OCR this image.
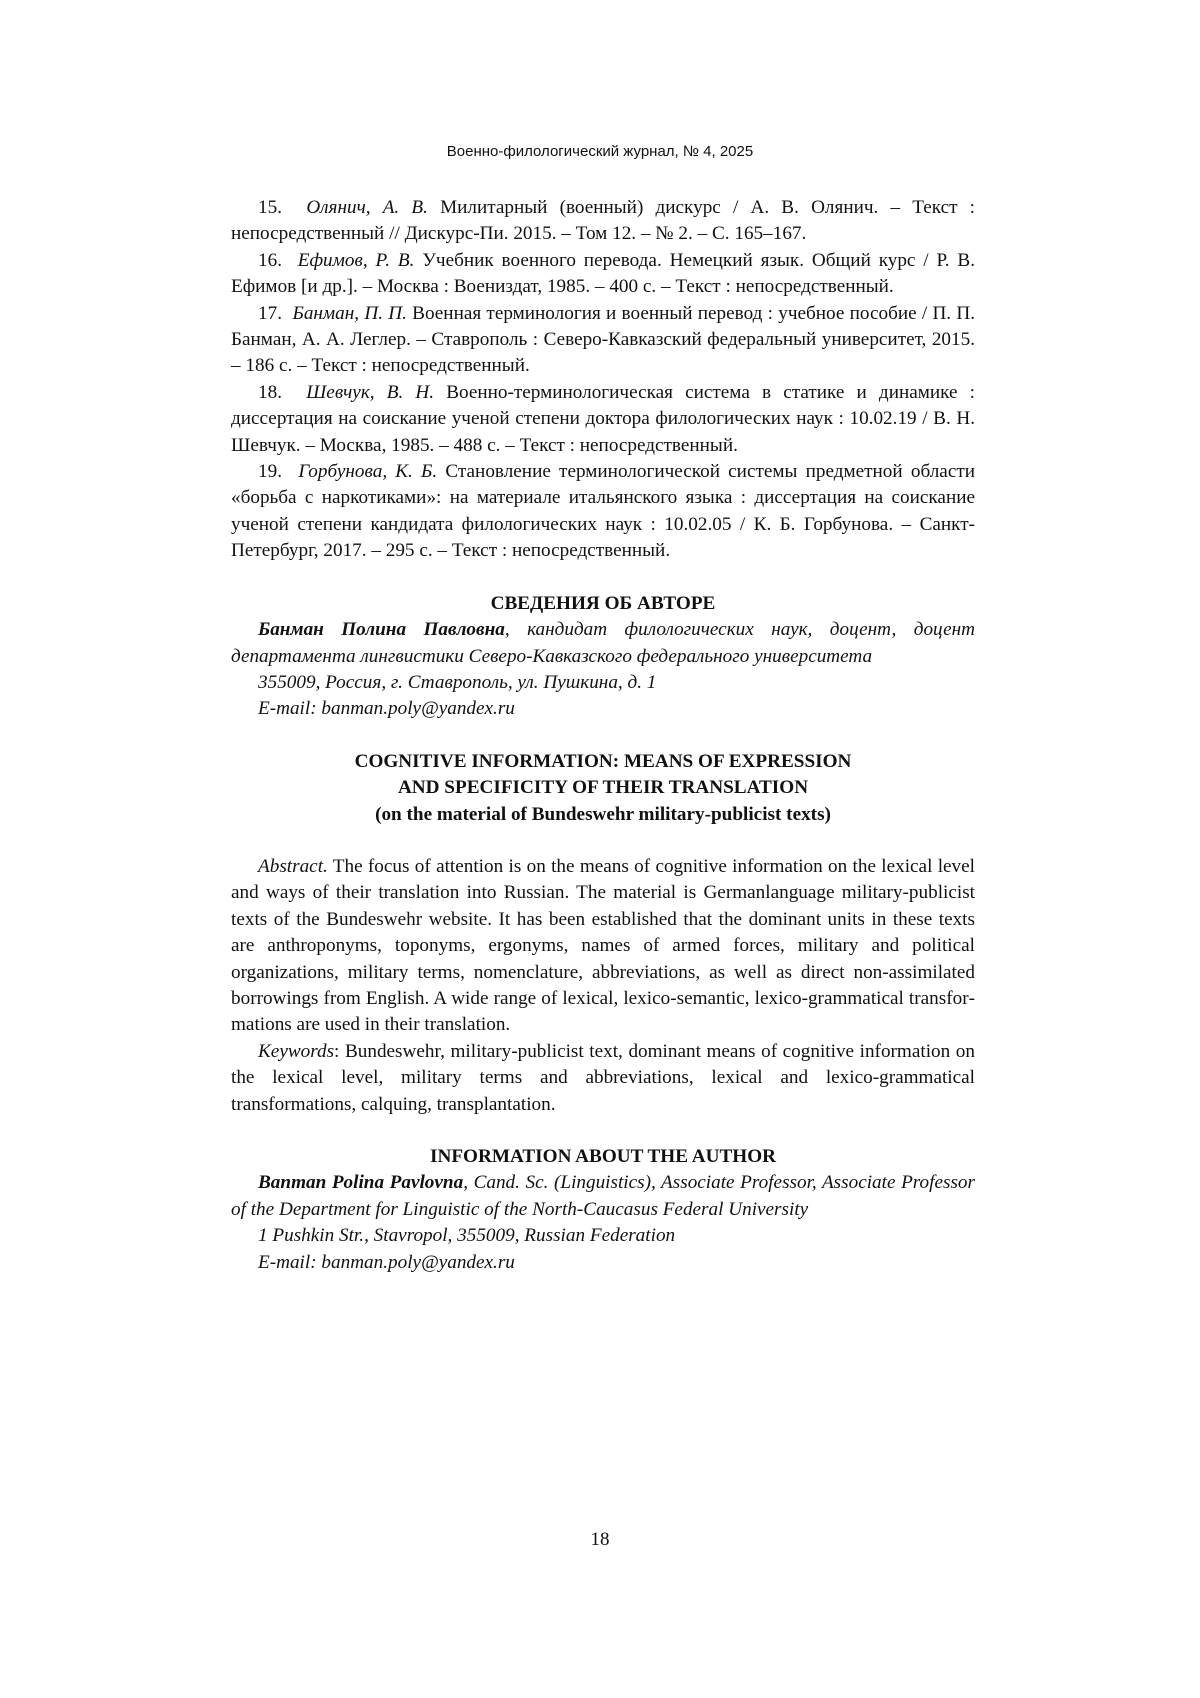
Военно-филологический журнал, № 4, 2025

15. Олянич, А. В. Милитарный (военный) дискурс / А. В. Олянич. – Текст : непосредственный // Дискурс-Пи. 2015. – Том 12. – № 2. – С. 165–167.

16. Ефимов, Р. В. Учебник военного перевода. Немецкий язык. Общий курс / Р. В. Ефимов [и др.]. – Москва : Воениздат, 1985. – 400 с. – Текст : непосредственный.

17. Банман, П. П. Военная терминология и военный перевод : учебное пособие / П. П. Банман, А. А. Леглер. – Ставрополь : Северо-Кавказский федеральный университет, 2015. – 186 с. – Текст : непосредственный.

18. Шевчук, В. Н. Военно-терминологическая система в статике и динамике : диссертация на соискание ученой степени доктора филологических наук : 10.02.19 / В. Н. Шевчук. – Москва, 1985. – 488 с. – Текст : непосредственный.

19. Горбунова, К. Б. Становление терминологической системы предметной области «борьба с наркотиками»: на материале итальянского языка : диссертация на соискание ученой степени кандидата филологических наук : 10.02.05 / К. Б. Горбунова. – Санкт-Петербург, 2017. – 295 с. – Текст : непосредственный.

СВЕДЕНИЯ ОБ АВТОРЕ

Банман Полина Павловна, кандидат филологических наук, доцент, доцент департамента лингвистики Северо-Кавказского федерального университета

355009, Россия, г. Ставрополь, ул. Пушкина, д. 1

E-mail: banman.poly@yandex.ru

COGNITIVE INFORMATION: MEANS OF EXPRESSION

AND SPECIFICITY OF THEIR TRANSLATION

(on the material of Bundeswehr military-publicist texts)

Abstract. The focus of attention is on the means of cognitive information on the lexical level and ways of their translation into Russian. The material is Germanlanguage military-publicist texts of the Bundeswehr website. It has been established that the dominant units in these texts are anthroponyms, toponyms, ergonyms, names of armed forces, military and political organizations, military terms, nomenclature, abbreviations, as well as direct non-assimilated borrowings from English. A wide range of lexical, lexico-semantic, lexico-grammatical transformations are used in their translation.

Keywords: Bundeswehr, military-publicist text, dominant means of cognitive information on the lexical level, military terms and abbreviations, lexical and lexico-grammatical transformations, calquing, transplantation.

INFORMATION ABOUT THE AUTHOR

Banman Polina Pavlovna, Cand. Sc. (Linguistics), Associate Professor, Associate Professor of the Department for Linguistic of the North-Caucasus Federal University

1 Pushkin Str., Stavropol, 355009, Russian Federation

E-mail: banman.poly@yandex.ru

18
